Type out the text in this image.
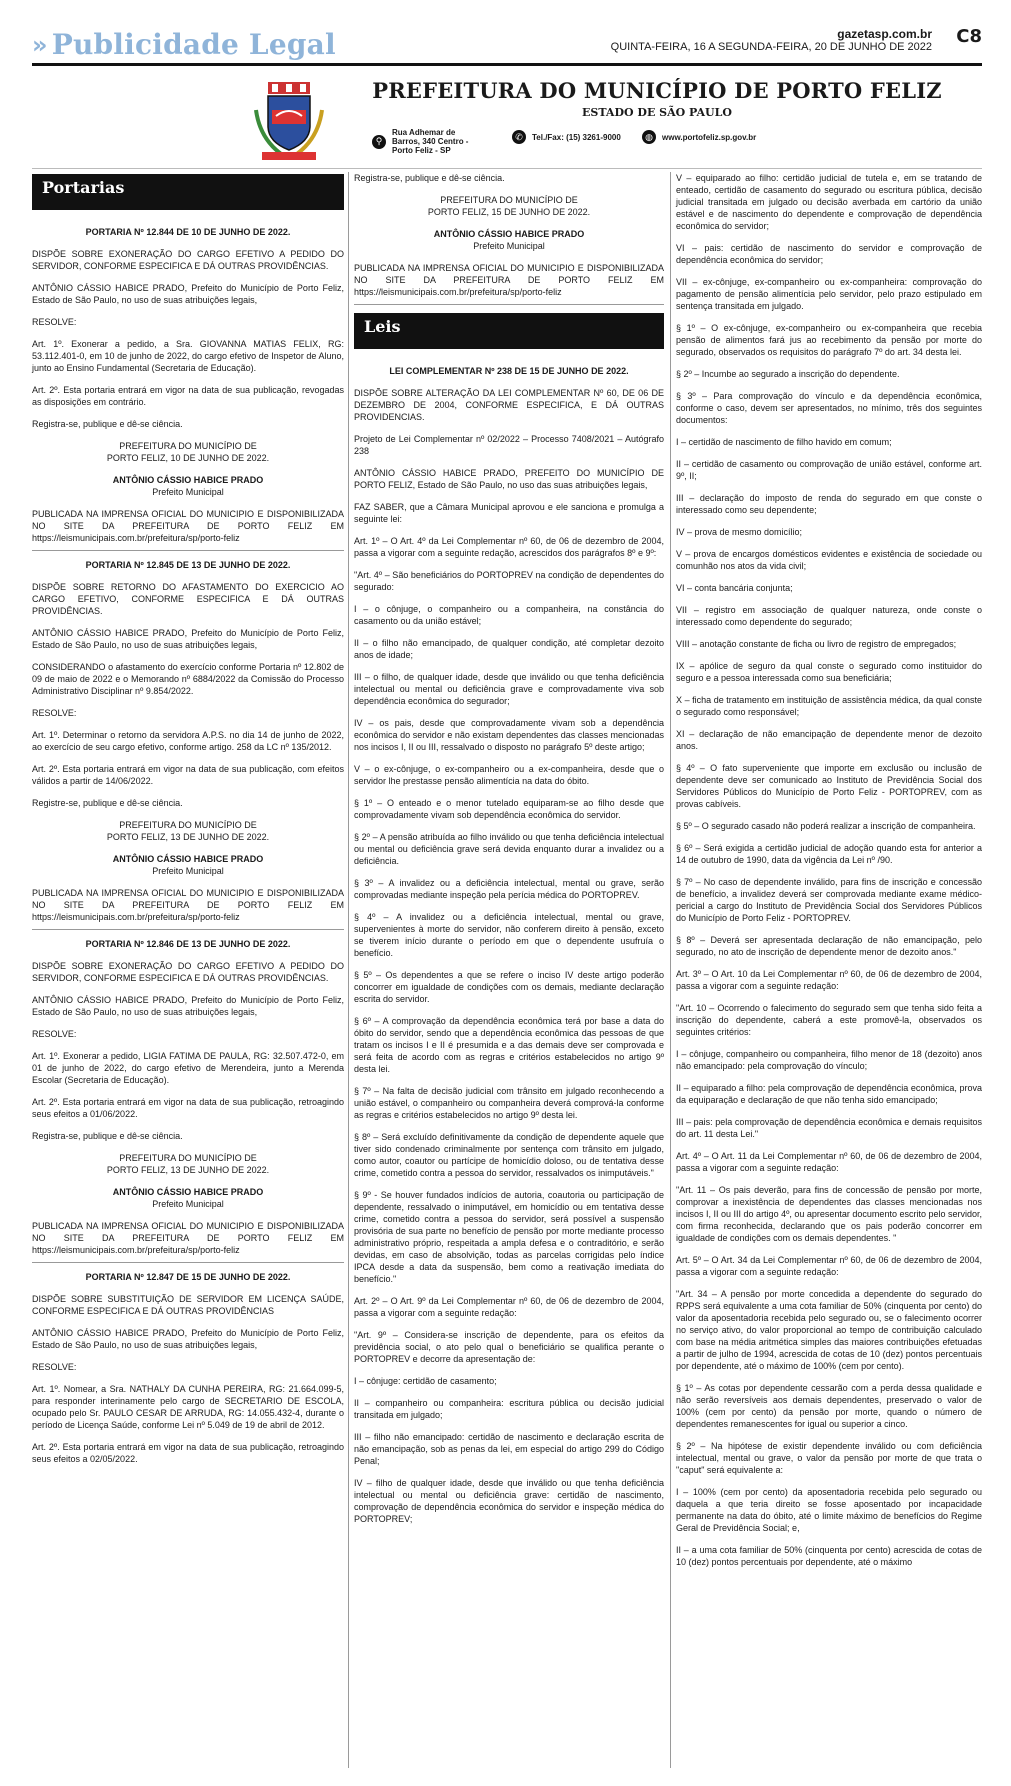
» Publicidade Legal	gazetasp.com.br
QUINTA-FEIRA, 16 A SEGUNDA-FEIRA, 20 DE JUNHO DE 2022 C8
PREFEITURA DO MUNICÍPIO DE PORTO FELIZ
ESTADO DE SÃO PAULO
⚲
Rua Adhemar de Barros, 340 Centro - Porto Feliz - SP
✆	Tel./Fax: (15) 3261-9000	◍	www.portofeliz.sp.gov.br
Portarias
PORTARIA Nº 12.844 DE 10 DE JUNHO DE 2022.
DISPÕE SOBRE EXONERAÇÃO DO CARGO EFETIVO A PEDIDO DO SERVIDOR, CONFORME ESPECIFICA E DÁ OUTRAS PROVIDÊNCIAS.
ANTÔNIO CÁSSIO HABICE PRADO, Prefeito do Município de Porto Feliz, Estado de São Paulo, no uso de suas atribuições legais,
RESOLVE:
Art. 1º. Exonerar a pedido, a Sra. GIOVANNA MATIAS FELIX, RG: 53.112.401-0, em 10 de junho de 2022, do cargo efetivo de Inspetor de Aluno, junto ao Ensino Fundamental (Secretaria de Educação).
Art. 2º. Esta portaria entrará em vigor na data de sua publicação, revogadas as disposições em contrário.
Registra-se, publique e dê-se ciência.
PREFEITURA DO MUNICÍPIO DE
PORTO FELIZ, 10 DE JUNHO DE 2022.
ANTÔNIO CÁSSIO HABICE PRADO
Prefeito Municipal
PUBLICADA NA IMPRENSA OFICIAL DO MUNICIPIO E DISPONIBILIZADA NO SITE DA PREFEITURA DE PORTO FELIZ EM https://leismunicipais.com.br/prefeitura/sp/porto-feliz
PORTARIA Nº 12.845 DE 13 DE JUNHO DE 2022.
DISPÕE SOBRE RETORNO DO AFASTAMENTO DO EXERCICIO AO CARGO EFETIVO, CONFORME ESPECIFICA E DÁ OUTRAS PROVIDÊNCIAS.
ANTÔNIO CÁSSIO HABICE PRADO, Prefeito do Município de Porto Feliz, Estado de São Paulo, no uso de suas atribuições legais,
CONSIDERANDO o afastamento do exercício conforme Portaria nº 12.802 de 09 de maio de 2022 e o Memorando nº 6884/2022 da Comissão do Processo Administrativo Disciplinar nº 9.854/2022.
RESOLVE:
Art. 1º. Determinar o retorno da servidora A.P.S. no dia 14 de junho de 2022, ao exercício de seu cargo efetivo, conforme artigo. 258 da LC nº 135/2012.
Art. 2º. Esta portaria entrará em vigor na data de sua publicação, com efeitos válidos a partir de 14/06/2022.
Registre-se, publique e dê-se ciência.
PREFEITURA DO MUNICÍPIO DE
PORTO FELIZ, 13 DE JUNHO DE 2022.
ANTÔNIO CÁSSIO HABICE PRADO
Prefeito Municipal
PUBLICADA NA IMPRENSA OFICIAL DO MUNICIPIO E DISPONIBILIZADA NO SITE DA PREFEITURA DE PORTO FELIZ EM https://leismunicipais.com.br/prefeitura/sp/porto-feliz
PORTARIA Nº 12.846 DE 13 DE JUNHO DE 2022.
DISPÕE SOBRE EXONERAÇÃO DO CARGO EFETIVO A PEDIDO DO SERVIDOR, CONFORME ESPECIFICA E DÁ OUTRAS PROVIDÊNCIAS.
ANTÔNIO CÁSSIO HABICE PRADO, Prefeito do Município de Porto Feliz, Estado de São Paulo, no uso de suas atribuições legais,
RESOLVE:
Art. 1º. Exonerar a pedido, LIGIA FATIMA DE PAULA, RG: 32.507.472-0, em 01 de junho de 2022, do cargo efetivo de Merendeira, junto a Merenda Escolar (Secretaria de Educação).
Art. 2º. Esta portaria entrará em vigor na data de sua publicação, retroagindo seus efeitos a 01/06/2022.
Registra-se, publique e dê-se ciência.
PREFEITURA DO MUNICÍPIO DE
PORTO FELIZ, 13 DE JUNHO DE 2022.
ANTÔNIO CÁSSIO HABICE PRADO
Prefeito Municipal
PUBLICADA NA IMPRENSA OFICIAL DO MUNICIPIO E DISPONIBILIZADA NO SITE DA PREFEITURA DE PORTO FELIZ EM https://leismunicipais.com.br/prefeitura/sp/porto-feliz
PORTARIA Nº 12.847 DE 15 DE JUNHO DE 2022.
DISPÕE SOBRE SUBSTITUIÇÃO DE SERVIDOR EM LICENÇA SAÚDE, CONFORME ESPECIFICA E DÁ OUTRAS PROVIDÊNCIAS
ANTÔNIO CÁSSIO HABICE PRADO, Prefeito do Município de Porto Feliz, Estado de São Paulo, no uso de suas atribuições legais,
RESOLVE:
Art. 1º. Nomear, a Sra. NATHALY DA CUNHA PEREIRA, RG: 21.664.099-5, para responder interinamente pelo cargo de SECRETARIO DE ESCOLA, ocupado pelo Sr. PAULO CESAR DE ARRUDA, RG: 14.055.432-4, durante o período de Licença Saúde, conforme Lei nº 5.049 de 19 de abril de 2012.
Art. 2º. Esta portaria entrará em vigor na data de sua publicação, retroagindo seus efeitos a 02/05/2022.
Registra-se, publique e dê-se ciência.
PREFEITURA DO MUNICÍPIO DE
PORTO FELIZ, 15 DE JUNHO DE 2022.
ANTÔNIO CÁSSIO HABICE PRADO
Prefeito Municipal
PUBLICADA NA IMPRENSA OFICIAL DO MUNICIPIO E DISPONIBILIZADA NO SITE DA PREFEITURA DE PORTO FELIZ EM https://leismunicipais.com.br/prefeitura/sp/porto-feliz
Leis
LEI COMPLEMENTAR Nº 238 DE 15 DE JUNHO DE 2022.
DISPÕE SOBRE ALTERAÇÃO DA LEI COMPLEMENTAR Nº 60, DE 06 DE DEZEMBRO DE 2004, CONFORME ESPECIFICA, E DÁ OUTRAS PROVIDENCIAS.
Projeto de Lei Complementar nº 02/2022 – Processo 7408/2021 – Autógrafo 238
ANTÔNIO CÁSSIO HABICE PRADO, PREFEITO DO MUNICÍPIO DE PORTO FELIZ, Estado de São Paulo, no uso das suas atribuições legais,
FAZ SABER, que a Câmara Municipal aprovou e ele sanciona e promulga a seguinte lei:
Art. 1º – O Art. 4º da Lei Complementar nº 60, de 06 de dezembro de 2004, passa a vigorar com a seguinte redação, acrescidos dos parágrafos 8º e 9º:
"Art. 4º – São beneficiários do PORTOPREV na condição de dependentes do segurado:
I – o cônjuge, o companheiro ou a companheira, na constância do casamento ou da união estável;
II – o filho não emancipado, de qualquer condição, até completar dezoito anos de idade;
III – o filho, de qualquer idade, desde que inválido ou que tenha deficiência intelectual ou mental ou deficiência grave e comprovadamente viva sob dependência econômica do segurador;
IV – os pais, desde que comprovadamente vivam sob a dependência econômica do servidor e não existam dependentes das classes mencionadas nos incisos I, II ou III, ressalvado o disposto no parágrafo 5º deste artigo;
V – o ex-cônjuge, o ex-companheiro ou a ex-companheira, desde que o servidor lhe prestasse pensão alimentícia na data do óbito.
§ 1º – O enteado e o menor tutelado equiparam-se ao filho desde que comprovadamente vivam sob dependência econômica do servidor.
§ 2º – A pensão atribuída ao filho inválido ou que tenha deficiência intelectual ou mental ou deficiência grave será devida enquanto durar a invalidez ou a deficiência.
§ 3º – A invalidez ou a deficiência intelectual, mental ou grave, serão comprovadas mediante inspeção pela perícia médica do PORTOPREV.
§ 4º – A invalidez ou a deficiência intelectual, mental ou grave, supervenientes à morte do servidor, não conferem direito à pensão, exceto se tiverem início durante o período em que o dependente usufruía o benefício.
§ 5º – Os dependentes a que se refere o inciso IV deste artigo poderão concorrer em igualdade de condições com os demais, mediante declaração escrita do servidor.
§ 6º – A comprovação da dependência econômica terá por base a data do óbito do servidor, sendo que a dependência econômica das pessoas de que tratam os incisos I e II é presumida e a das demais deve ser comprovada e será feita de acordo com as regras e critérios estabelecidos no artigo 9º desta lei.
§ 7º – Na falta de decisão judicial com trânsito em julgado reconhecendo a união estável, o companheiro ou companheira deverá comprová-la conforme as regras e critérios estabelecidos no artigo 9º desta lei.
§ 8º – Será excluído definitivamente da condição de dependente aquele que tiver sido condenado criminalmente por sentença com trânsito em julgado, como autor, coautor ou partícipe de homicídio doloso, ou de tentativa desse crime, cometido contra a pessoa do servidor, ressalvados os inimputáveis."
§ 9º - Se houver fundados indícios de autoria, coautoria ou participação de dependente, ressalvado o inimputável, em homicídio ou em tentativa desse crime, cometido contra a pessoa do servidor, será possível a suspensão provisória de sua parte no benefício de pensão por morte mediante processo administrativo próprio, respeitada a ampla defesa e o contraditório, e serão devidas, em caso de absolvição, todas as parcelas corrigidas pelo índice IPCA desde a data da suspensão, bem como a reativação imediata do benefício."
Art. 2º – O Art. 9º da Lei Complementar nº 60, de 06 de dezembro de 2004, passa a vigorar com a seguinte redação:
"Art. 9º – Considera-se inscrição de dependente, para os efeitos da previdência social, o ato pelo qual o beneficiário se qualifica perante o PORTOPREV e decorre da apresentação de:
I – cônjuge: certidão de casamento;
II – companheiro ou companheira: escritura pública ou decisão judicial transitada em julgado;
III – filho não emancipado: certidão de nascimento e declaração escrita de não emancipação, sob as penas da lei, em especial do artigo 299 do Código Penal;
IV – filho de qualquer idade, desde que inválido ou que tenha deficiência intelectual ou mental ou deficiência grave: certidão de nascimento, comprovação de dependência econômica do servidor e inspeção médica do PORTOPREV;
V – equiparado ao filho: certidão judicial de tutela e, em se tratando de enteado, certidão de casamento do segurado ou escritura pública, decisão judicial transitada em julgado ou decisão averbada em cartório da união estável e de nascimento do dependente e comprovação de dependência econômica do servidor;
VI – pais: certidão de nascimento do servidor e comprovação de dependência econômica do servidor;
VII – ex-cônjuge, ex-companheiro ou ex-companheira: comprovação do pagamento de pensão alimentícia pelo servidor, pelo prazo estipulado em sentença transitada em julgado.
§ 1º – O ex-cônjuge, ex-companheiro ou ex-companheira que recebia pensão de alimentos fará jus ao recebimento da pensão por morte do segurado, observados os requisitos do parágrafo 7º do art. 34 desta lei.
§ 2º – Incumbe ao segurado a inscrição do dependente.
§ 3º – Para comprovação do vínculo e da dependência econômica, conforme o caso, devem ser apresentados, no mínimo, três dos seguintes documentos:
I – certidão de nascimento de filho havido em comum;
II – certidão de casamento ou comprovação de união estável, conforme art. 9º, II;
III – declaração do imposto de renda do segurado em que conste o interessado como seu dependente;
IV – prova de mesmo domicílio;
V – prova de encargos domésticos evidentes e existência de sociedade ou comunhão nos atos da vida civil;
VI – conta bancária conjunta;
VII – registro em associação de qualquer natureza, onde conste o interessado como dependente do segurado;
VIII – anotação constante de ficha ou livro de registro de empregados;
IX – apólice de seguro da qual conste o segurado como instituidor do seguro e a pessoa interessada como sua beneficiária;
X – ficha de tratamento em instituição de assistência médica, da qual conste o segurado como responsável;
XI – declaração de não emancipação de dependente menor de dezoito anos.
§ 4º – O fato superveniente que importe em exclusão ou inclusão de dependente deve ser comunicado ao Instituto de Previdência Social dos Servidores Públicos do Município de Porto Feliz - PORTOPREV, com as provas cabíveis.
§ 5º – O segurado casado não poderá realizar a inscrição de companheira.
§ 6º – Será exigida a certidão judicial de adoção quando esta for anterior a 14 de outubro de 1990, data da vigência da Lei nº /90.
§ 7º – No caso de dependente inválido, para fins de inscrição e concessão de benefício, a invalidez deverá ser comprovada mediante exame médico-pericial a cargo do Instituto de Previdência Social dos Servidores Públicos do Município de Porto Feliz - PORTOPREV.
§ 8º – Deverá ser apresentada declaração de não emancipação, pelo segurado, no ato de inscrição de dependente menor de dezoito anos."
Art. 3º – O Art. 10 da Lei Complementar nº 60, de 06 de dezembro de 2004, passa a vigorar com a seguinte redação:
"Art. 10 – Ocorrendo o falecimento do segurado sem que tenha sido feita a inscrição do dependente, caberá a este promovê-la, observados os seguintes critérios:
I – cônjuge, companheiro ou companheira, filho menor de 18 (dezoito) anos não emancipado: pela comprovação do vínculo;
II – equiparado a filho: pela comprovação de dependência econômica, prova da equiparação e declaração de que não tenha sido emancipado;
III – pais: pela comprovação de dependência econômica e demais requisitos do art. 11 desta Lei."
Art. 4º – O Art. 11 da Lei Complementar nº 60, de 06 de dezembro de 2004, passa a vigorar com a seguinte redação:
"Art. 11 – Os pais deverão, para fins de concessão de pensão por morte, comprovar a inexistência de dependentes das classes mencionadas nos incisos I, II ou III do artigo 4º, ou apresentar documento escrito pelo servidor, com firma reconhecida, declarando que os pais poderão concorrer em igualdade de condições com os demais dependentes. "
Art. 5º – O Art. 34 da Lei Complementar nº 60, de 06 de dezembro de 2004, passa a vigorar com a seguinte redação:
"Art. 34 – A pensão por morte concedida a dependente do segurado do RPPS será equivalente a uma cota familiar de 50% (cinquenta por cento) do valor da aposentadoria recebida pelo segurado ou, se o falecimento ocorrer no serviço ativo, do valor proporcional ao tempo de contribuição calculado com base na média aritmética simples das maiores contribuições efetuadas a partir de julho de 1994, acrescida de cotas de 10 (dez) pontos percentuais por dependente, até o máximo de 100% (cem por cento).
§ 1º – As cotas por dependente cessarão com a perda dessa qualidade e não serão reversíveis aos demais dependentes, preservado o valor de 100% (cem por cento) da pensão por morte, quando o número de dependentes remanescentes for igual ou superior a cinco.
§ 2º – Na hipótese de existir dependente inválido ou com deficiência intelectual, mental ou grave, o valor da pensão por morte de que trata o "caput" será equivalente a:
I – 100% (cem por cento) da aposentadoria recebida pelo segurado ou daquela a que teria direito se fosse aposentado por incapacidade permanente na data do óbito, até o limite máximo de benefícios do Regime Geral de Previdência Social; e,
II – a uma cota familiar de 50% (cinquenta por cento) acrescida de cotas de 10 (dez) pontos percentuais por dependente, até o máximo
